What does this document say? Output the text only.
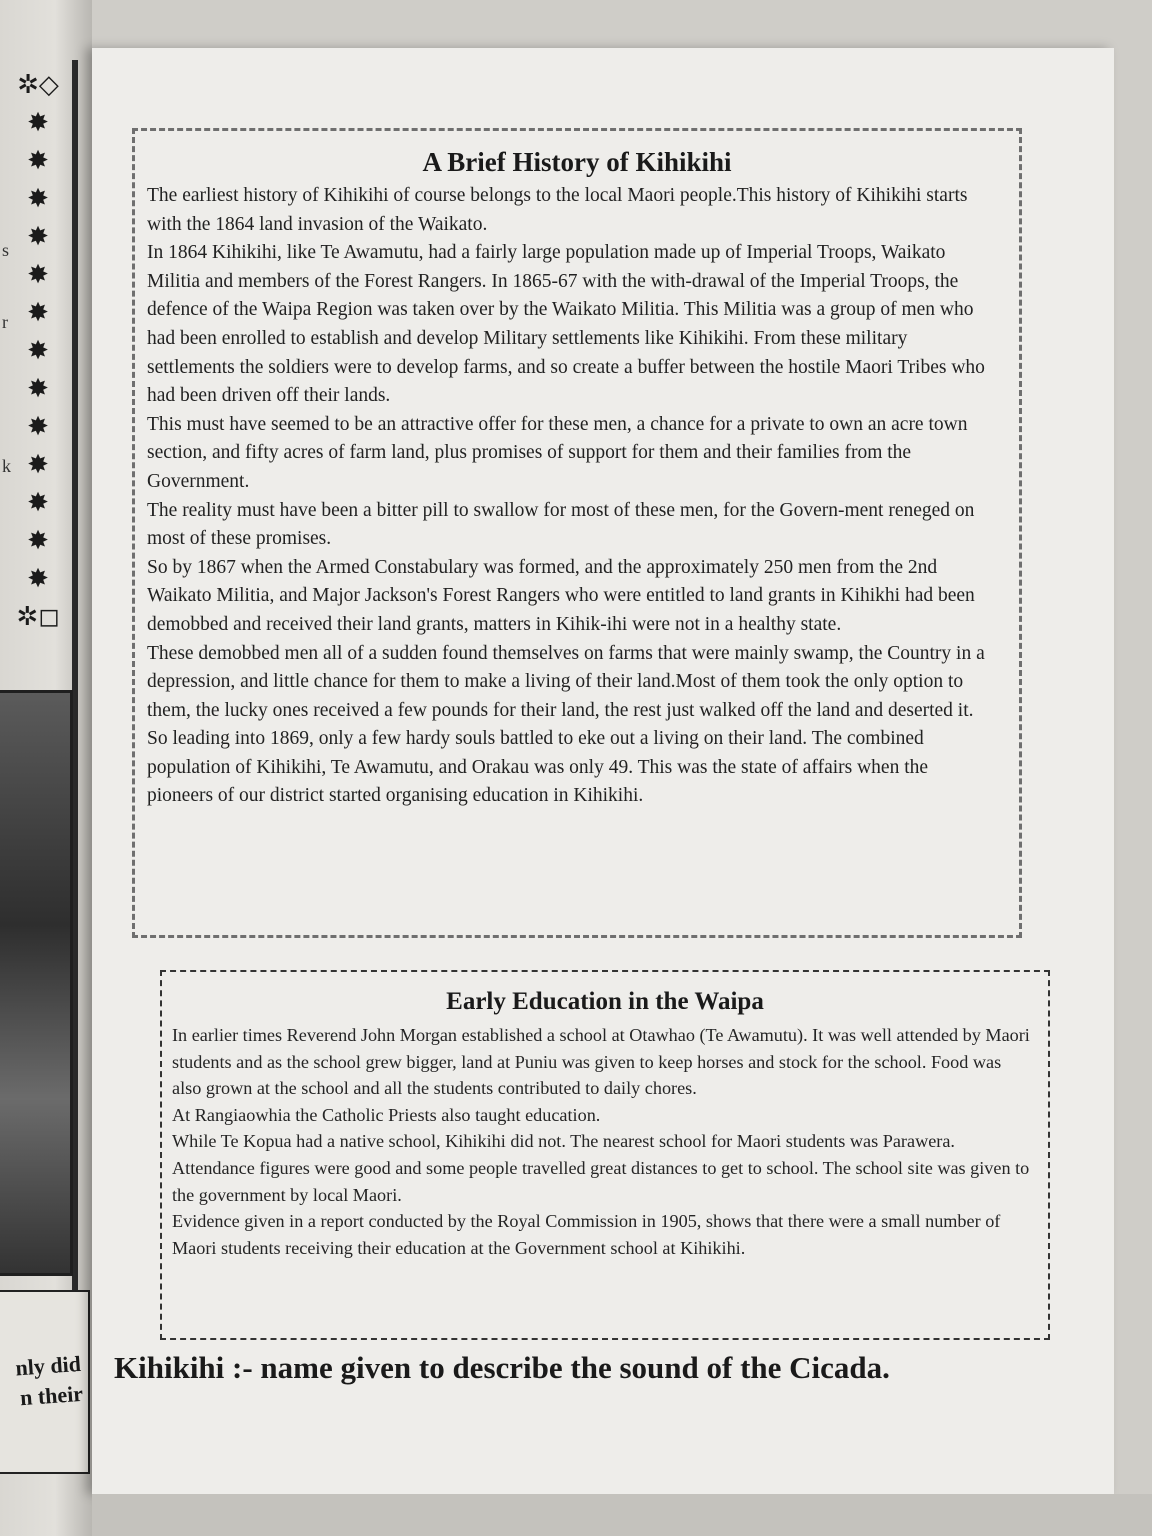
✲◇
✸
✸
✸
✸
✸
✸
✸
✸
✸
✸
✸
✸
✸
✲◻
s
r
k
nly did
n their
A Brief History of Kihikihi

The earliest history of Kihikihi of course belongs to the local Maori people.This history of Kihikihi starts with the 1864 land invasion of the Waikato.

In 1864 Kihikihi, like Te Awamutu, had a fairly large population made up of Imperial Troops, Waikato Militia and members of the Forest Rangers. In 1865-67 with the with-drawal of the Imperial Troops, the defence of the Waipa Region was taken over by the Waikato Militia. This Militia was a group of men who had been enrolled to establish and develop Military settlements like Kihikihi. From these military settlements the soldiers were to develop farms, and so create a buffer between the hostile Maori Tribes who had been driven off their lands.

This must have seemed to be an attractive offer for these men, a chance for a private to own an acre town section, and fifty acres of farm land, plus promises of support for them and their families from the Government.

The reality must have been a bitter pill to swallow for most of these men, for the Govern-ment reneged on most of these promises.

So by 1867 when the Armed Constabulary was formed, and the approximately 250 men from the 2nd Waikato Militia, and Major Jackson's Forest Rangers who were entitled to land grants in Kihikhi had been demobbed and received their land grants, matters in Kihik-ihi were not in a healthy state.

These demobbed men all of a sudden found themselves on farms that were mainly swamp, the Country in a depression, and little chance for them to make a living of their land.Most of them took the only option to them, the lucky ones received a few pounds for their land, the rest just walked off the land and deserted it.

So leading into 1869, only a few hardy souls battled to eke out a living on their land. The combined population of Kihikihi, Te Awamutu, and Orakau was only 49. This was the state of affairs when the pioneers of our district started organising education in Kihikihi.

Early Education in the Waipa

In earlier times Reverend John Morgan established a school at Otawhao (Te Awamutu). It was well attended by Maori students and as the school grew bigger, land at Puniu was given to keep horses and stock for the school. Food was also grown at the school and all the students contributed to daily chores.

At Rangiaowhia the Catholic Priests also taught education.

While Te Kopua had a native school, Kihikihi did not. The nearest school for Maori students was Parawera. Attendance figures were good and some people travelled great distances to get to school. The school site was given to the government by local Maori.

Evidence given in a report conducted by the Royal Commission in 1905, shows that there were a small number of Maori students receiving their education at the Government school at Kihikihi.

Kihikihi :- name given to describe the sound of the Cicada.
